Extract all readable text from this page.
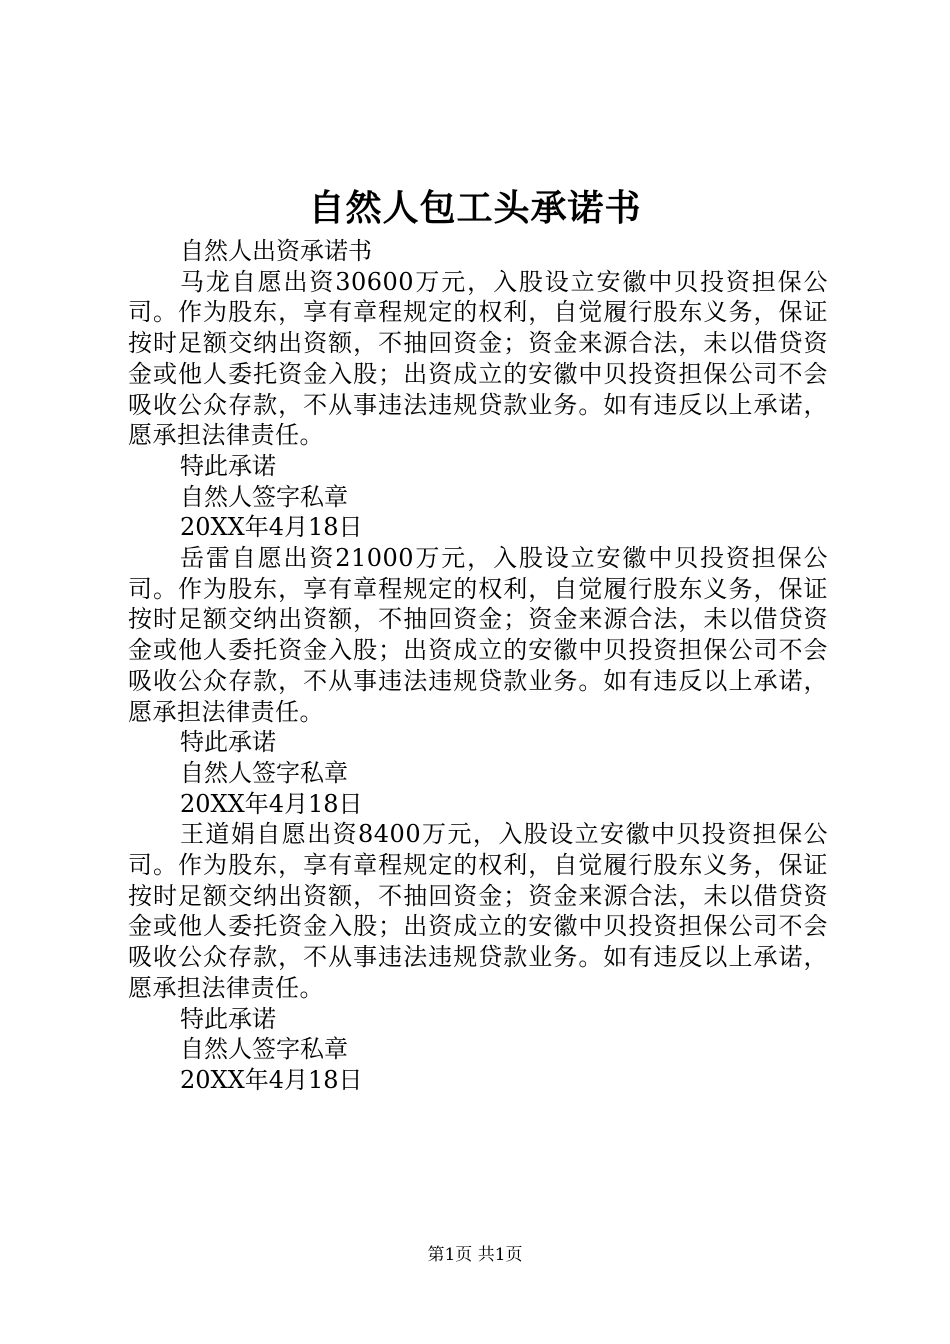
自然人包工头承诺书

自然人出资承诺书

马龙自愿出资30600万元，入股设立安徽中贝投资担保公司。作为股东，享有章程规定的权利，自觉履行股东义务，保证按时足额交纳出资额，不抽回资金；资金来源合法，未以借贷资金或他人委托资金入股；出资成立的安徽中贝投资担保公司不会吸收公众存款，不从事违法违规贷款业务。如有违反以上承诺，愿承担法律责任。

特此承诺

自然人签字私章

20XX年4月18日

岳雷自愿出资21000万元，入股设立安徽中贝投资担保公司。作为股东，享有章程规定的权利，自觉履行股东义务，保证按时足额交纳出资额，不抽回资金；资金来源合法，未以借贷资金或他人委托资金入股；出资成立的安徽中贝投资担保公司不会吸收公众存款，不从事违法违规贷款业务。如有违反以上承诺，愿承担法律责任。

特此承诺

自然人签字私章

20XX年4月18日

王道娟自愿出资8400万元，入股设立安徽中贝投资担保公司。作为股东，享有章程规定的权利，自觉履行股东义务，保证按时足额交纳出资额，不抽回资金；资金来源合法，未以借贷资金或他人委托资金入股；出资成立的安徽中贝投资担保公司不会吸收公众存款，不从事违法违规贷款业务。如有违反以上承诺，愿承担法律责任。

特此承诺

自然人签字私章

20XX年4月18日

第1页 共1页
